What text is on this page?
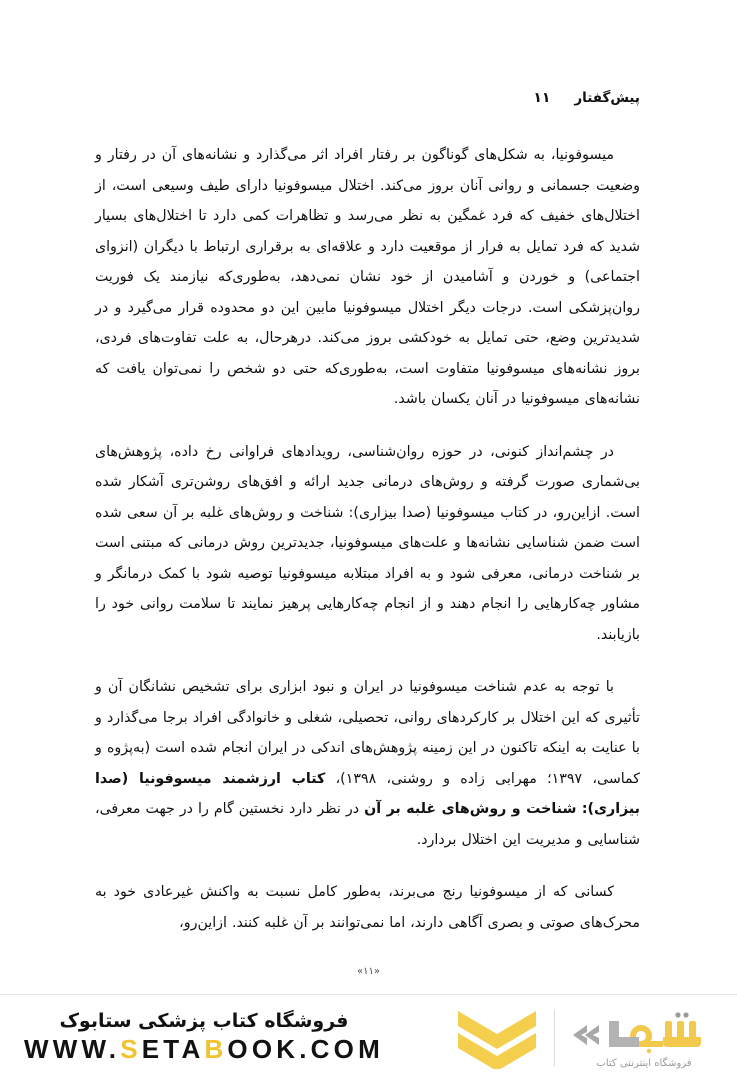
پیش‌گفتار
۱۱

میسوفونیا، به شکل‌های گوناگون بر رفتار افراد اثر می‌گذارد و نشانه‌های آن در رفتار و وضعیت جسمانی و روانی آنان بروز می‌کند. اختلال میسوفونیا دارای طیف وسیعی است، از اختلال‌های خفیف که فرد غمگین به نظر می‌رسد و تظاهرات کمی دارد تا اختلال‌های بسیار شدید که فرد تمایل به فرار از موقعیت دارد و علاقه‌ای به برقراری ارتباط با دیگران (انزوای اجتماعی) و خوردن و آشامیدن از خود نشان نمی‌دهد، به‌طوری‌که نیازمند یک فوریت روان‌پزشکی است. درجات دیگر اختلال میسوفونیا مابین این دو محدوده قرار می‌گیرد و در شدیدترین وضع، حتی تمایل به خودکشی بروز می‌کند. درهرحال، به علت تفاوت‌های فردی، بروز نشانه‌های میسوفونیا متفاوت است، به‌طوری‌که حتی دو شخص را نمی‌توان یافت که نشانه‌های میسوفونیا در آنان یکسان باشد.

در چشم‌انداز کنونی، در حوزه روان‌شناسی، رویدادهای فراوانی رخ داده، پژوهش‌های بی‌شماری صورت گرفته و روش‌های درمانی جدید ارائه و افق‌های روشن‌تری آشکار شده است. ازاین‌رو، در کتاب میسوفونیا (صدا بیزاری): شناخت و روش‌های غلبه بر آن سعی شده است ضمن شناسایی نشانه‌ها و علت‌های میسوفونیا، جدیدترین روش درمانی که مبتنی است بر شناخت درمانی، معرفی شود و به افراد مبتلابه میسوفونیا توصیه شود با کمک درمانگر و مشاور چه‌کارهایی را انجام دهند و از انجام چه‌کارهایی پرهیز نمایند تا سلامت روانی خود را بازیابند.

با توجه به عدم شناخت میسوفونیا در ایران و نبود ابزاری برای تشخیص نشانگان آن و تأثیری که این اختلال بر کارکردهای روانی، تحصیلی، شغلی و خانوادگی افراد برجا می‌گذارد و با عنایت به اینکه تاکنون در این زمینه پژوهش‌های اندکی در ایران انجام شده است (به‌پژوه و کماسی، ۱۳۹۷؛ مهرابی زاده و روشنی، ۱۳۹۸)، کتاب ارزشمند میسوفونیا (صدا بیزاری): شناخت و روش‌های غلبه بر آن در نظر دارد نخستین گام را در جهت معرفی، شناسایی و مدیریت این اختلال بردارد.

کسانی که از میسوفونیا رنج می‌برند، به‌طور کامل نسبت به واکنش غیرعادی خود به محرک‌های صوتی و بصری آگاهی دارند، اما نمی‌توانند بر آن غلبه کنند. ازاین‌رو،

«۱۱»
فروشگاه کتاب پزشکی ستابوک
WWW.SETABOOK.COM	فروشگاه اینترنتی کتاب
